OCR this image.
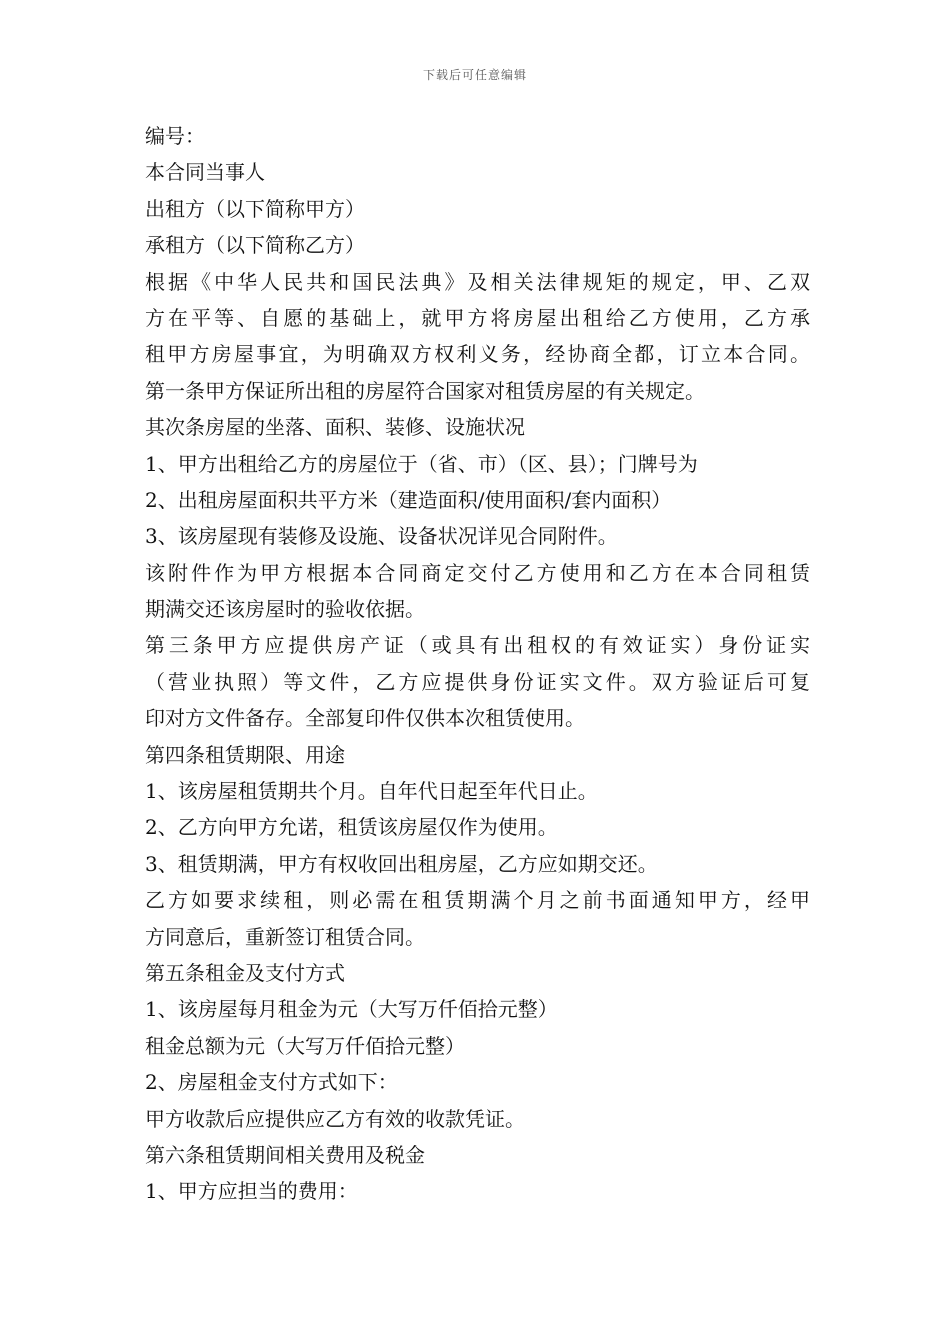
下载后可任意编辑
编号：
本合同当事人
出租方（以下简称甲方）
承租方（以下简称乙方）
根据《中华人民共和国民法典》及相关法律规矩的规定，甲、乙双
方在平等、自愿的基础上，就甲方将房屋出租给乙方使用，乙方承
租甲方房屋事宜，为明确双方权利义务，经协商全都，订立本合同。
第一条甲方保证所出租的房屋符合国家对租赁房屋的有关规定。
其次条房屋的坐落、面积、装修、设施状况
1、甲方出租给乙方的房屋位于（省、市）（区、县）；门牌号为
2、出租房屋面积共平方米（建造面积/使用面积/套内面积）
3、该房屋现有装修及设施、设备状况详见合同附件。
该附件作为甲方根据本合同商定交付乙方使用和乙方在本合同租赁
期满交还该房屋时的验收依据。
第三条甲方应提供房产证（或具有出租权的有效证实）身份证实
（营业执照）等文件，乙方应提供身份证实文件。双方验证后可复
印对方文件备存。全部复印件仅供本次租赁使用。
第四条租赁期限、用途
1、该房屋租赁期共个月。自年代日起至年代日止。
2、乙方向甲方允诺，租赁该房屋仅作为使用。
3、租赁期满，甲方有权收回出租房屋，乙方应如期交还。
乙方如要求续租，则必需在租赁期满个月之前书面通知甲方，经甲
方同意后，重新签订租赁合同。
第五条租金及支付方式
1、该房屋每月租金为元（大写万仟佰拾元整）
租金总额为元（大写万仟佰拾元整）
2、房屋租金支付方式如下：
甲方收款后应提供应乙方有效的收款凭证。
第六条租赁期间相关费用及税金
1、甲方应担当的费用：
